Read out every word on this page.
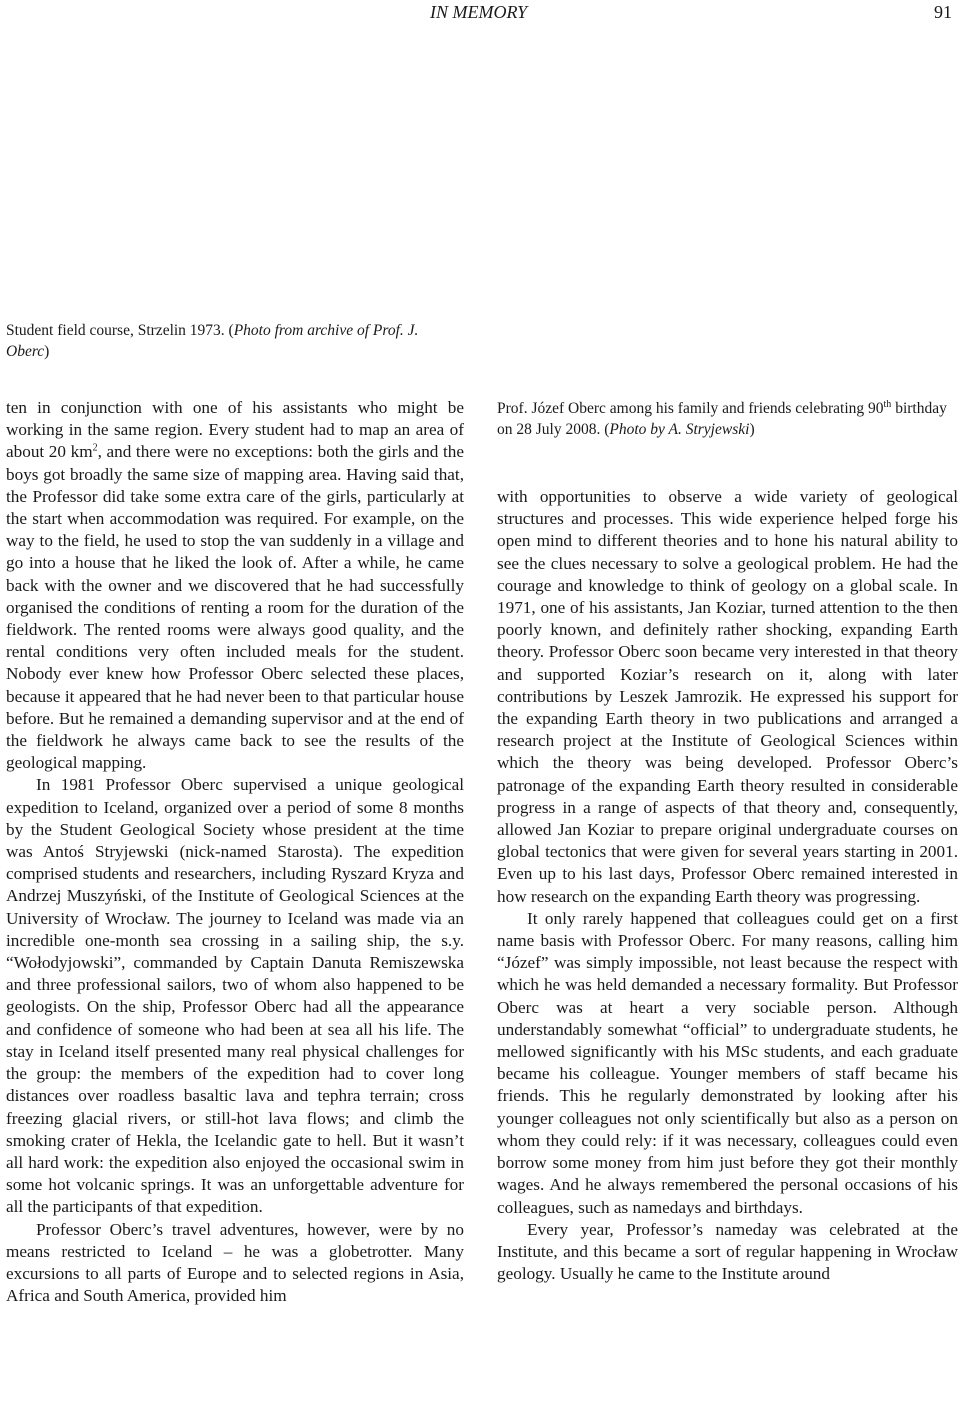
IN MEMORY	91
Student field course, Strzelin 1973. (Photo from archive of Prof. J. Oberc)
Prof. Józef Oberc among his family and friends celebrating 90th birthday on 28 July 2008. (Photo by A. Stryjewski)

ten in conjunction with one of his assistants who might be working in the same region. Every student had to map an area of about 20 $km^2$, and there were no exceptions: both the girls and the boys got broadly the same size of mapping area. Having said that, the Professor did take some extra care of the girls, particularly at the start when accommodation was required. For example, on the way to the field, he used to stop the van suddenly in a village and go into a house that he liked the look of. After a while, he came back with the owner and we discovered that he had successfully organised the conditions of renting a room for the duration of the fieldwork. The rented rooms were always good quality, and the rental conditions very often included meals for the student. Nobody ever knew how Professor Oberc selected these places, because it appeared that he had never been to that particular house before. But he remained a demanding supervisor and at the end of the fieldwork he always came back to see the results of the geological mapping.

In 1981 Professor Oberc supervised a unique geological expedition to Iceland, organized over a period of some 8 months by the Student Geological Society whose president at the time was Antoś Stryjewski (nick-named Starosta). The expedition comprised students and researchers, including Ryszard Kryza and Andrzej Muszyński, of the Institute of Geological Sciences at the University of Wrocław. The journey to Iceland was made via an incredible one-month sea crossing in a sailing ship, the s.y. “Wołodyjowski”, commanded by Captain Danuta Remiszewska and three professional sailors, two of whom also happened to be geologists. On the ship, Professor Oberc had all the appearance and confidence of someone who had been at sea all his life. The stay in Iceland itself presented many real physical challenges for the group: the members of the expedition had to cover long distances over roadless basaltic lava and tephra terrain; cross freezing glacial rivers, or still-hot lava flows; and climb the smoking crater of Hekla, the Icelandic gate to hell. But it wasn’t all hard work: the expedition also enjoyed the occasional swim in some hot volcanic springs. It was an unforgettable adventure for all the participants of that expedition.

Professor Oberc’s travel adventures, however, were by no means restricted to Iceland – he was a globetrotter. Many excursions to all parts of Europe and to selected regions in Asia, Africa and South America, provided him

with opportunities to observe a wide variety of geological structures and processes. This wide experience helped forge his open mind to different theories and to hone his natural ability to see the clues necessary to solve a geological problem. He had the courage and knowledge to think of geology on a global scale. In 1971, one of his assistants, Jan Koziar, turned attention to the then poorly known, and definitely rather shocking, expanding Earth theory. Professor Oberc soon became very interested in that theory and supported Koziar’s research on it, along with later contributions by Leszek Jamrozik. He expressed his support for the expanding Earth theory in two publications and arranged a research project at the Institute of Geological Sciences within which the theory was being developed. Professor Oberc’s patronage of the expanding Earth theory resulted in considerable progress in a range of aspects of that theory and, consequently, allowed Jan Koziar to prepare original undergraduate courses on global tectonics that were given for several years starting in 2001. Even up to his last days, Professor Oberc remained interested in how research on the expanding Earth theory was progressing.

It only rarely happened that colleagues could get on a first name basis with Professor Oberc. For many reasons, calling him “Józef” was simply impossible, not least because the respect with which he was held demanded a necessary formality. But Professor Oberc was at heart a very sociable person. Although understandably somewhat “official” to undergraduate students, he mellowed significantly with his MSc students, and each graduate became his colleague. Younger members of staff became his friends. This he regularly demonstrated by looking after his younger colleagues not only scientifically but also as a person on whom they could rely: if it was necessary, colleagues could even borrow some money from him just before they got their monthly wages. And he always remembered the personal occasions of his colleagues, such as namedays and birthdays.

Every year, Professor’s nameday was celebrated at the Institute, and this became a sort of regular happening in Wrocław geology. Usually he came to the Institute around
